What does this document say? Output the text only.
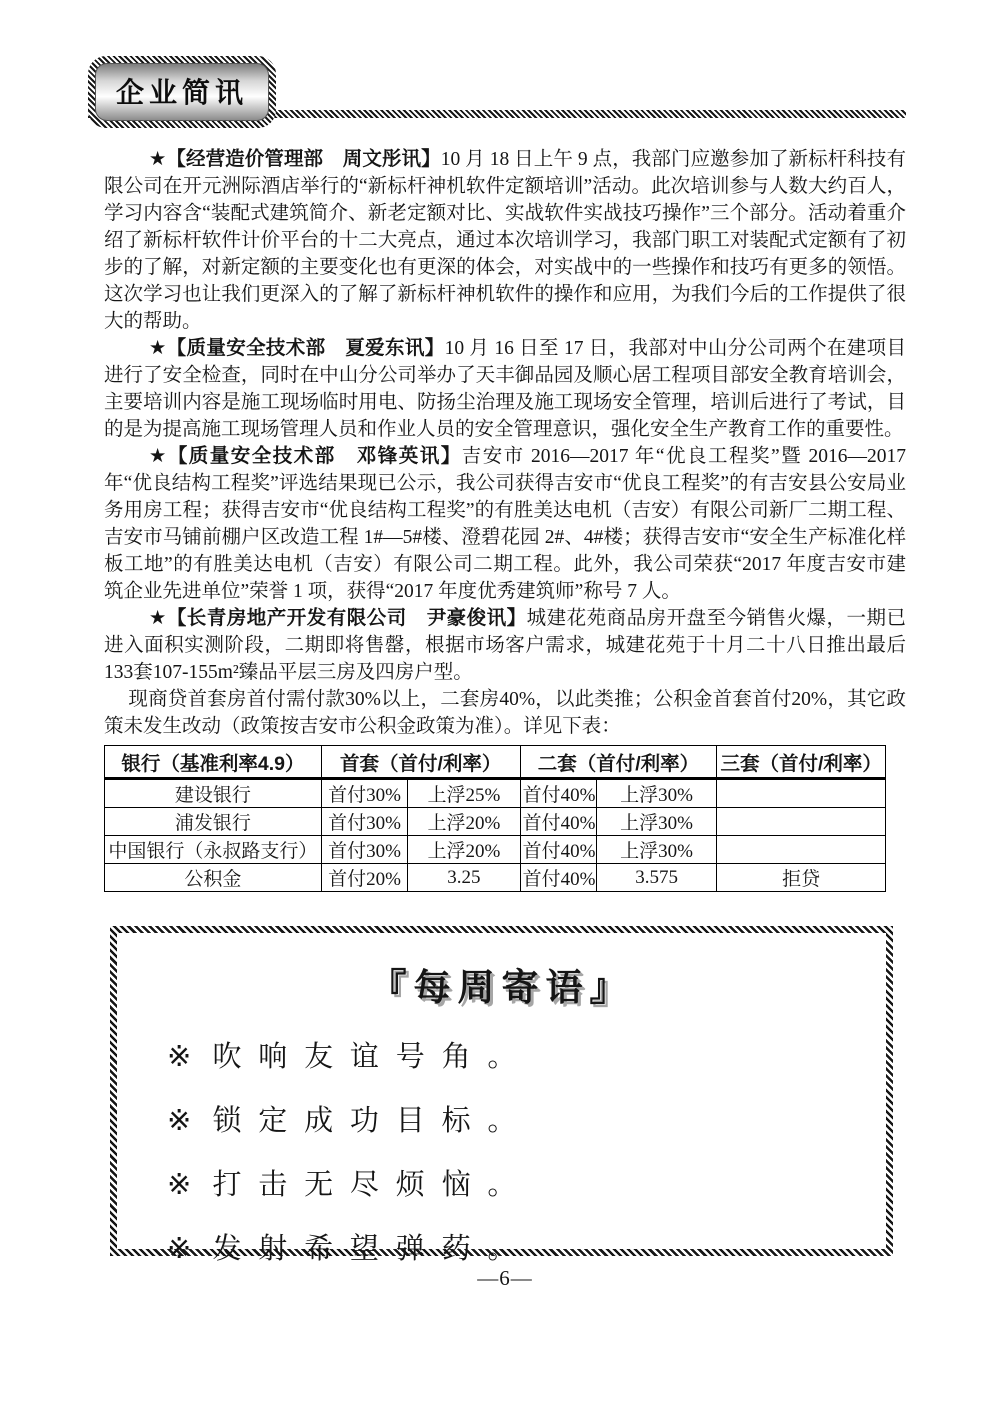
企业简讯

★【经营造价管理部　周文彤讯】10 月 18 日上午 9 点，我部门应邀参加了新标杆科技有限公司在开元洲际酒店举行的“新标杆神机软件定额培训”活动。此次培训参与人数大约百人，学习内容含“装配式建筑简介、新老定额对比、实战软件实战技巧操作”三个部分。活动着重介绍了新标杆软件计价平台的十二大亮点，通过本次培训学习，我部门职工对装配式定额有了初步的了解，对新定额的主要变化也有更深的体会，对实战中的一些操作和技巧有更多的领悟。这次学习也让我们更深入的了解了新标杆神机软件的操作和应用，为我们今后的工作提供了很大的帮助。

★【质量安全技术部　夏爱东讯】10 月 16 日至 17 日，我部对中山分公司两个在建项目进行了安全检查，同时在中山分公司举办了天丰御品园及顺心居工程项目部安全教育培训会，主要培训内容是施工现场临时用电、防扬尘治理及施工现场安全管理，培训后进行了考试，目的是为提高施工现场管理人员和作业人员的安全管理意识，强化安全生产教育工作的重要性。

★【质量安全技术部　邓锋英讯】吉安市 2016—2017 年“优良工程奖”暨 2016—2017 年“优良结构工程奖”评选结果现已公示，我公司获得吉安市“优良工程奖”的有吉安县公安局业务用房工程；获得吉安市“优良结构工程奖”的有胜美达电机（吉安）有限公司新厂二期工程、吉安市马铺前棚户区改造工程 1#—5#楼、澄碧花园 2#、4#楼；获得吉安市“安全生产标准化样板工地”的有胜美达电机（吉安）有限公司二期工程。此外，我公司荣获“2017 年度吉安市建筑企业先进单位”荣誉 1 项，获得“2017 年度优秀建筑师”称号 7 人。

★【长青房地产开发有限公司　尹豪俊讯】城建花苑商品房开盘至今销售火爆，一期已进入面积实测阶段，二期即将售罄，根据市场客户需求，城建花苑于十月二十八日推出最后133套107-155m²臻品平层三房及四房户型。

现商贷首套房首付需付款30%以上，二套房40%，以此类推；公积金首套首付20%，其它政策未发生改动（政策按吉安市公积金政策为准）。详见下表：

银行（基准利率4.9）	首套（首付/利率）		二套（首付/利率）		三套（首付/利率）
建设银行	首付30%	上浮25%	首付40%	上浮30%	
浦发银行	首付30%	上浮20%	首付40%	上浮30%	
中国银行（永叔路支行）	首付30%	上浮20%	首付40%	上浮30%	
公积金	首付20%	3.25	首付40%	3.575	拒贷

『每周寄语』

※ 吹响友谊号角。
※ 锁定成功目标。
※ 打击无尽烦恼。
※ 发射希望弹药。
—6—
